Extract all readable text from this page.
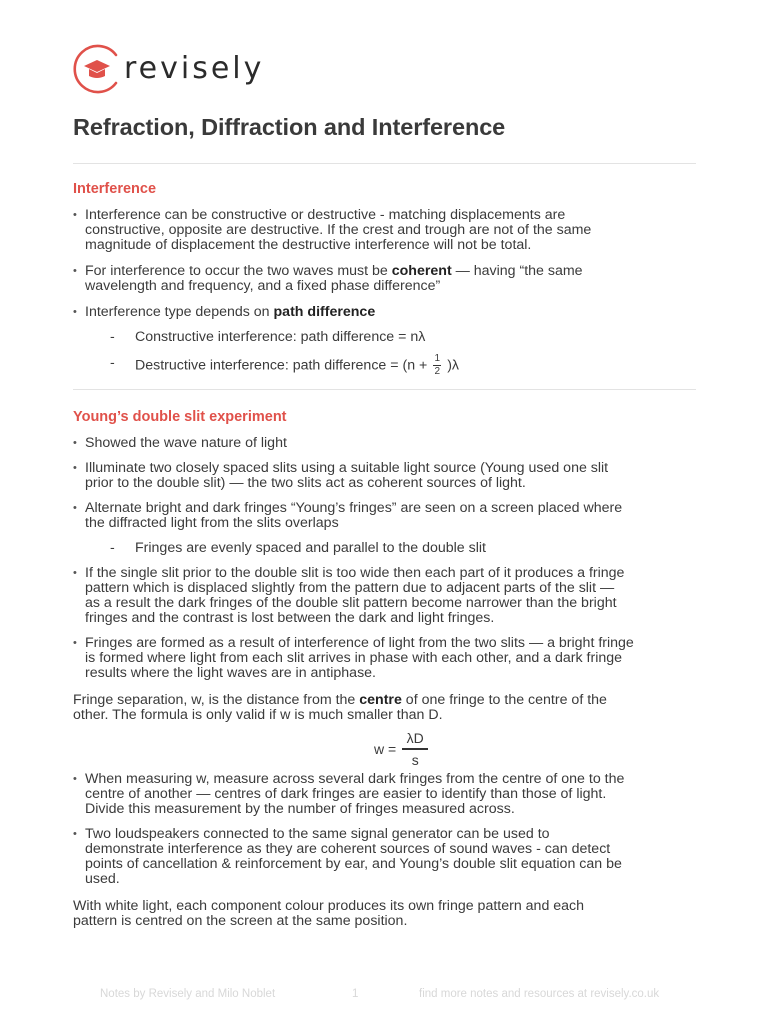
revisely
Refraction, Diffraction and Interference
Interference
• Interference can be constructive or destructive - matching displacements are
constructive, opposite are destructive. If the crest and trough are not of the same
magnitude of displacement the destructive interference will not be total.
• For interference to occur the two waves must be coherent — having “the same
wavelength and frequency, and a fixed phase difference”
• Interference type depends on path difference
- Constructive interference: path difference = nλ
- Destructive interference: path difference = $(n + \frac{1}{2} )\lambda$
Young’s double slit experiment
• Showed the wave nature of light
• Illuminate two closely spaced slits using a suitable light source (Young used one slit
prior to the double slit) — the two slits act as coherent sources of light.
• Alternate bright and dark fringes “Young’s fringes” are seen on a screen placed where
the diffracted light from the slits overlaps
- Fringes are evenly spaced and parallel to the double slit
• If the single slit prior to the double slit is too wide then each part of it produces a fringe
pattern which is displaced slightly from the pattern due to adjacent parts of the slit —
as a result the dark fringes of the double slit pattern become narrower than the bright
fringes and the contrast is lost between the dark and light fringes.
• Fringes are formed as a result of interference of light from the two slits — a bright fringe
is formed where light from each slit arrives in phase with each other, and a dark fringe
results where the light waves are in antiphase.
Fringe separation, w, is the distance from the centre of one fringe to the centre of the
other. The formula is only valid if w is much smaller than D.
w =
λD
s
• When measuring w, measure across several dark fringes from the centre of one to the
centre of another — centres of dark fringes are easier to identify than those of light.
Divide this measurement by the number of fringes measured across.
• Two loudspeakers connected to the same signal generator can be used to
demonstrate interference as they are coherent sources of sound waves - can detect
points of cancellation & reinforcement by ear, and Young’s double slit equation can be
used.
With white light, each component colour produces its own fringe pattern and each
pattern is centred on the screen at the same position.
Notes by Revisely and Milo Noblet	1	find more notes and resources at revisely.co.uk
